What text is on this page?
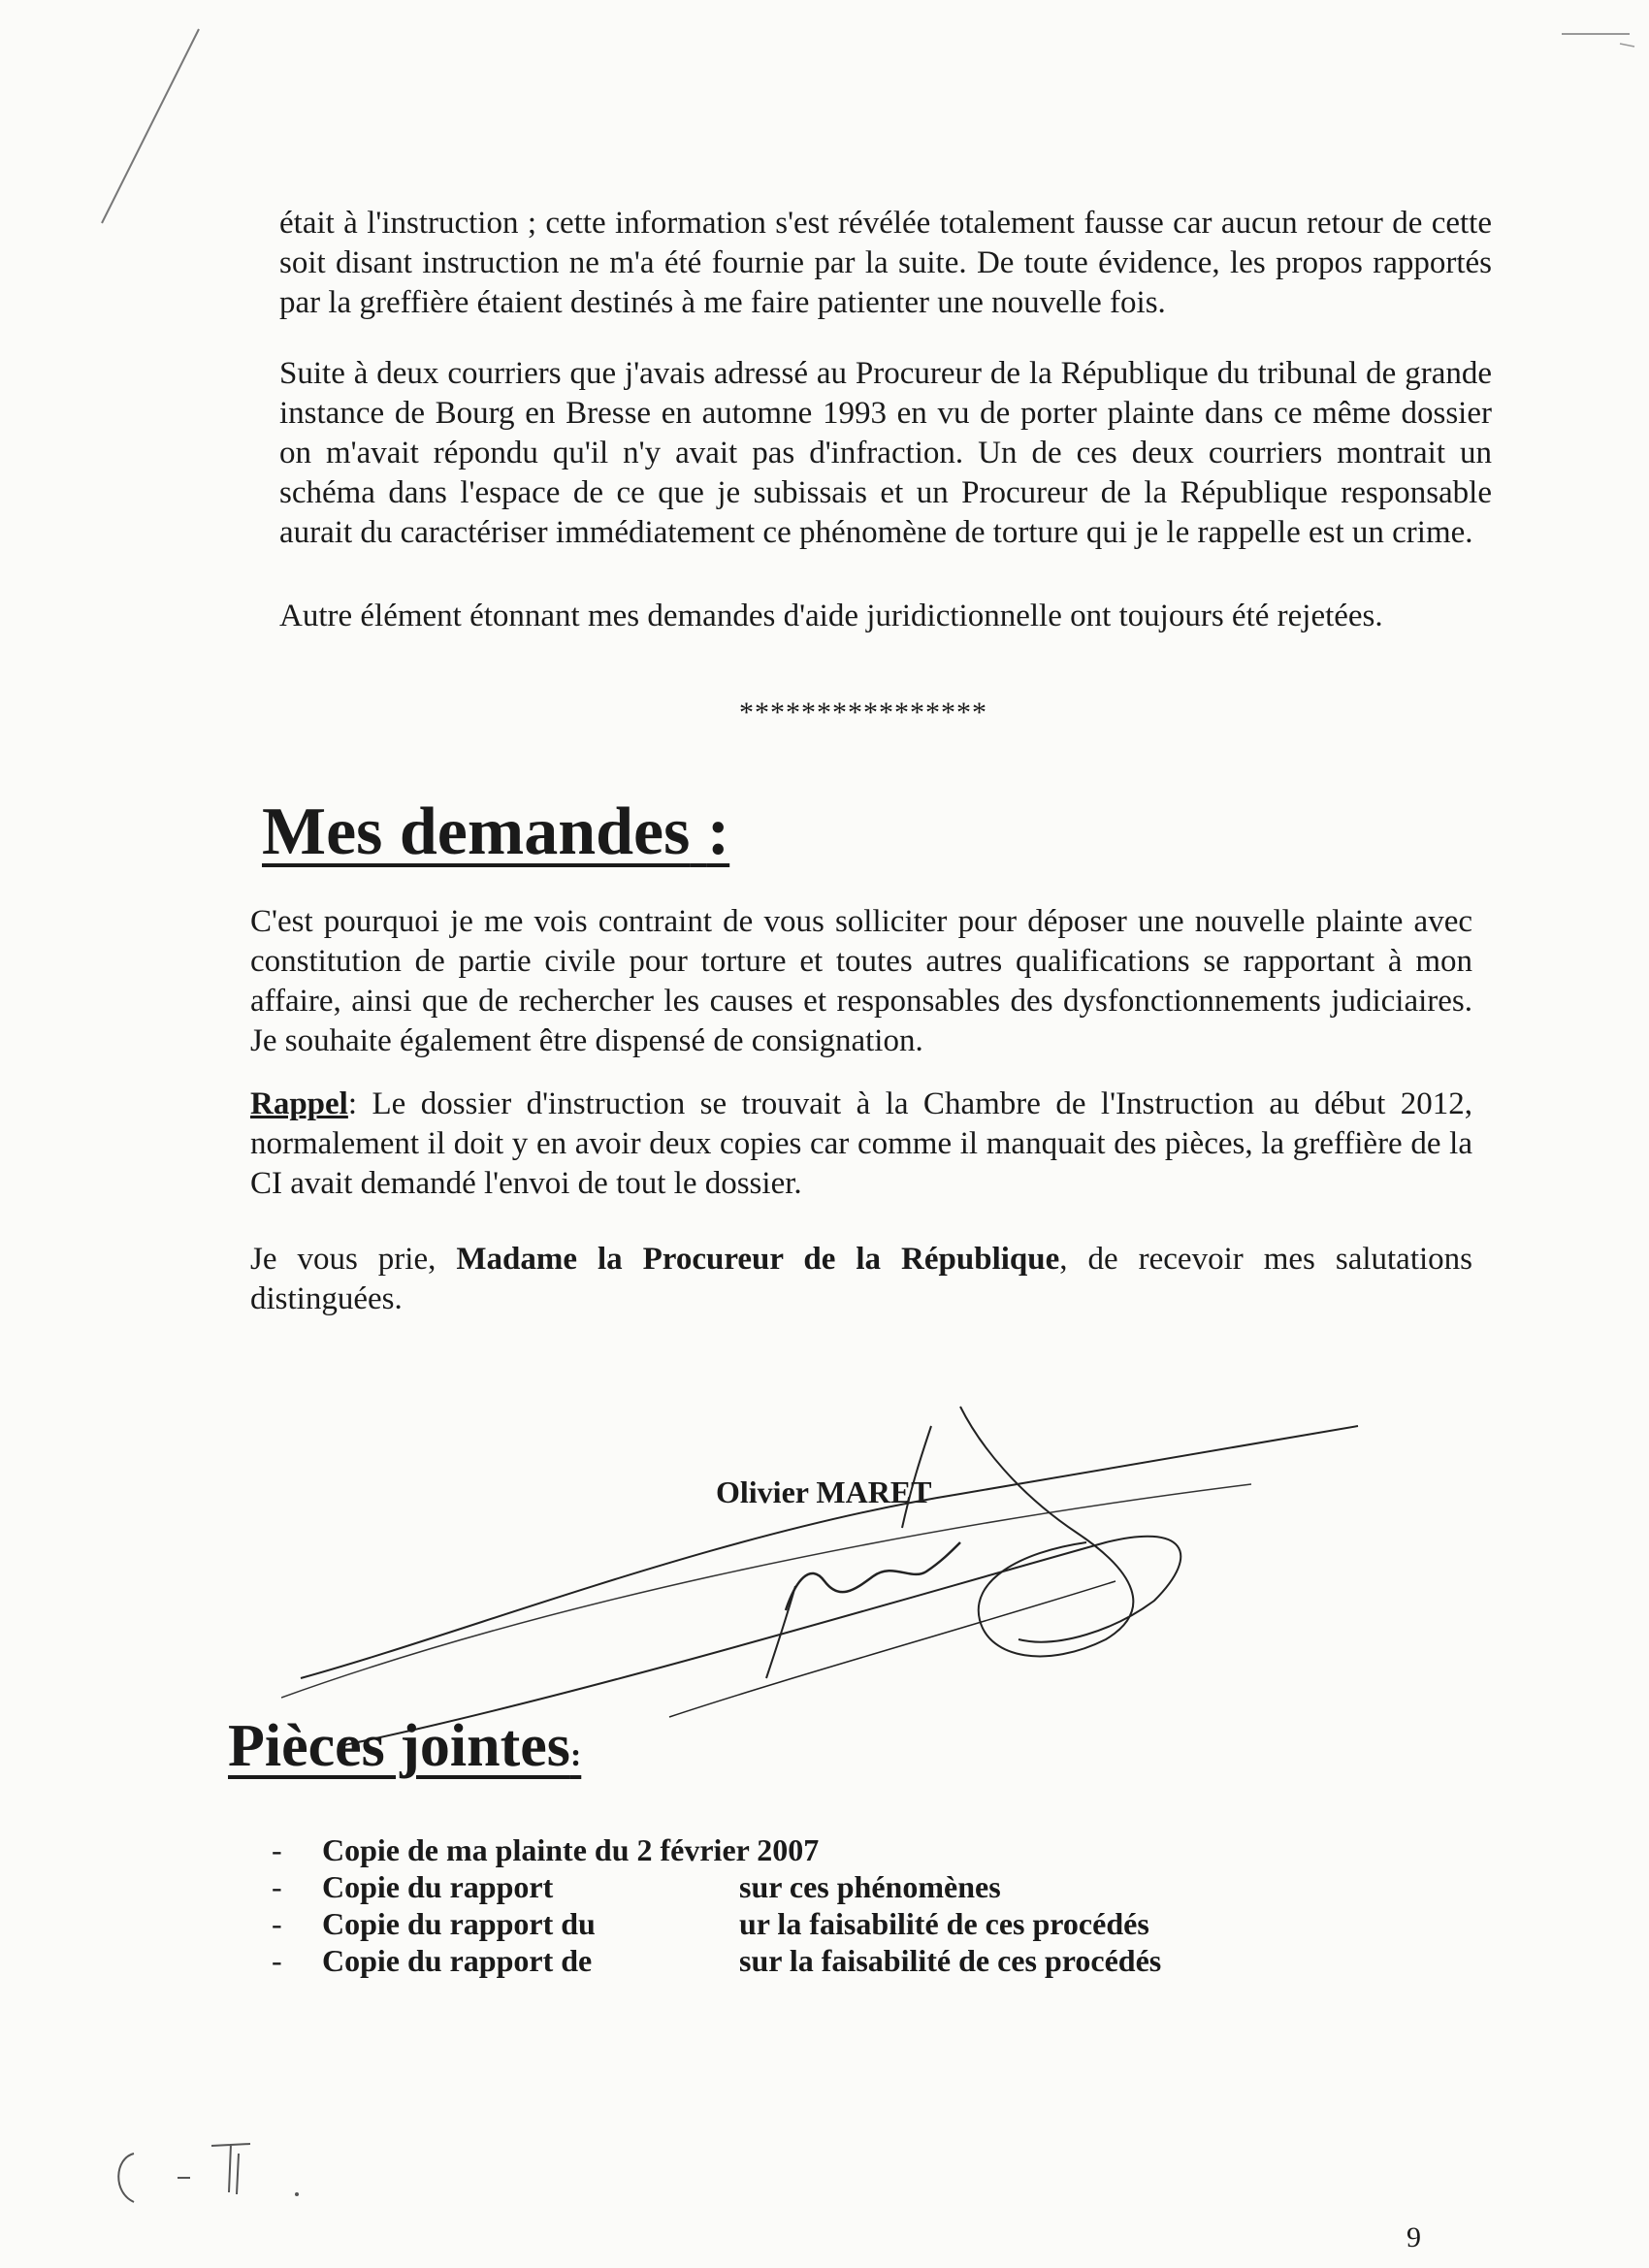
était à l'instruction ; cette information s'est révélée totalement fausse car aucun retour de cette soit disant instruction ne m'a été fournie par la suite. De toute évidence, les propos rapportés par la greffière étaient destinés à me faire patienter une nouvelle fois.

Suite à deux courriers que j'avais adressé au Procureur de la République du tribunal de grande instance de Bourg en Bresse en automne 1993 en vu de porter plainte dans ce même dossier on m'avait répondu qu'il n'y avait pas d'infraction. Un de ces deux courriers montrait un schéma dans l'espace de ce que je subissais et un Procureur de la République responsable aurait du caractériser immédiatement ce phénomène de torture qui je le rappelle est un crime.

Autre élément étonnant mes demandes d'aide juridictionnelle ont toujours été rejetées.

****************

Mes demandes :

C'est pourquoi je me vois contraint de vous solliciter pour déposer une nouvelle plainte avec constitution de partie civile pour torture et toutes autres qualifications se rapportant à mon affaire, ainsi que de rechercher les causes et responsables des dysfonctionnements judiciaires. Je souhaite également être dispensé de consignation.

Rappel: Le dossier d'instruction se trouvait à la Chambre de l'Instruction au début 2012, normalement il doit y en avoir deux copies car comme il manquait des pièces, la greffière de la CI avait demandé l'envoi de tout le dossier.

Je vous prie, Madame la Procureur de la République, de recevoir mes salutations distinguées.

Olivier MARET

Pièces jointes:
-	Copie de ma plainte du 2 février 2007
-	Copie du rapport	sur ces phénomènes
-	Copie du rapport du	ur la faisabilité de ces procédés
-	Copie du rapport de	sur la faisabilité de ces procédés

9
